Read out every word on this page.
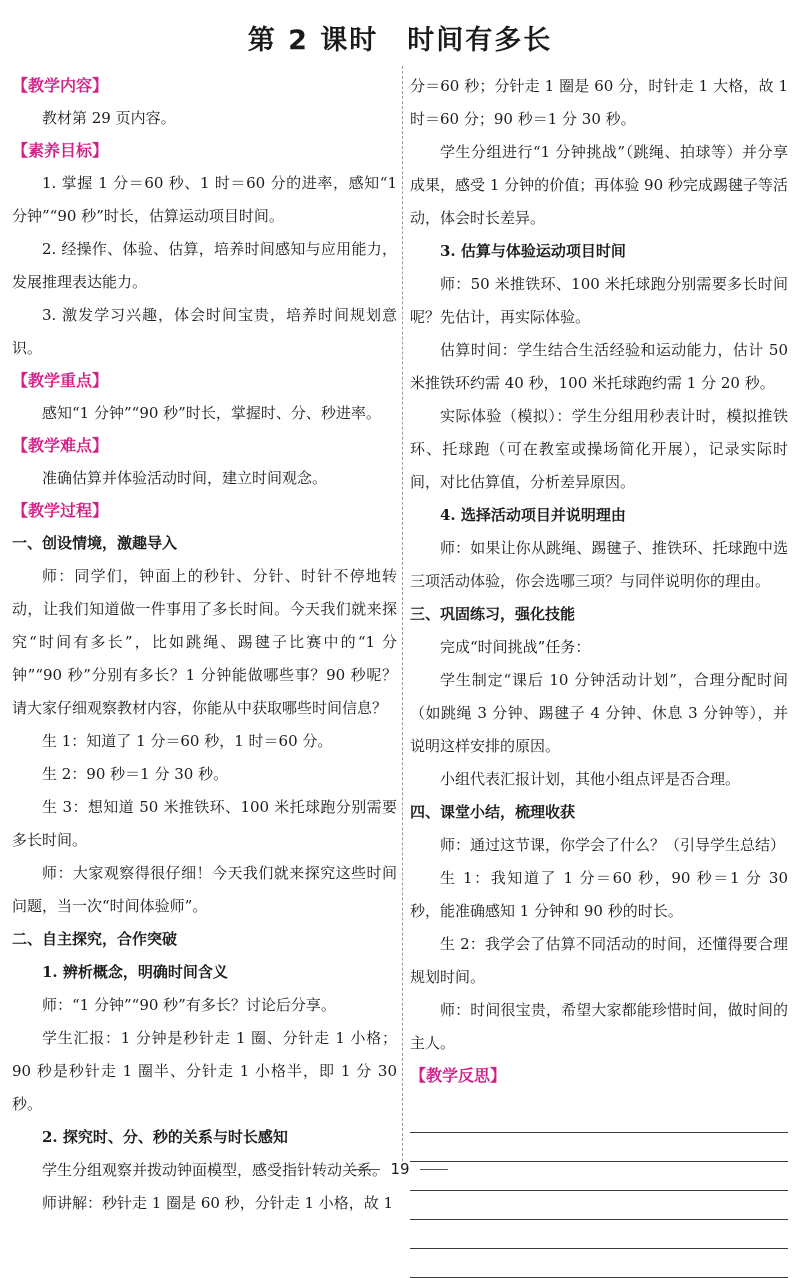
第 2 课时　时间有多长
【教学内容】

教材第 29 页内容。

【素养目标】

1. 掌握 1 分＝60 秒、1 时＝60 分的进率，感知“1 分钟”“90 秒”时长，估算运动项目时间。

2. 经操作、体验、估算，培养时间感知与应用能力，发展推理表达能力。

3. 激发学习兴趣，体会时间宝贵，培养时间规划意识。

【教学重点】

感知“1 分钟”“90 秒”时长，掌握时、分、秒进率。

【教学难点】

准确估算并体验活动时间，建立时间观念。

【教学过程】

一、创设情境，激趣导入

师：同学们，钟面上的秒针、分针、时针不停地转动，让我们知道做一件事用了多长时间。今天我们就来探究“时间有多长”，比如跳绳、踢毽子比赛中的“1 分钟”“90 秒”分别有多长？1 分钟能做哪些事？90 秒呢？请大家仔细观察教材内容，你能从中获取哪些时间信息？

生 1：知道了 1 分＝60 秒，1 时＝60 分。

生 2：90 秒＝1 分 30 秒。

生 3：想知道 50 米推铁环、100 米托球跑分别需要多长时间。

师：大家观察得很仔细！今天我们就来探究这些时间问题，当一次“时间体验师”。

二、自主探究，合作突破

1. 辨析概念，明确时间含义

师：“1 分钟”“90 秒”有多长？讨论后分享。

学生汇报：1 分钟是秒针走 1 圈、分针走 1 小格；90 秒是秒针走 1 圈半、分针走 1 小格半，即 1 分 30 秒。

2. 探究时、分、秒的关系与时长感知

学生分组观察并拨动钟面模型，感受指针转动关系。

师讲解：秒针走 1 圈是 60 秒，分针走 1 小格，故 1

分＝60 秒；分针走 1 圈是 60 分，时针走 1 大格，故 1 时＝60 分；90 秒＝1 分 30 秒。

学生分组进行“1 分钟挑战”（跳绳、拍球等）并分享成果，感受 1 分钟的价值；再体验 90 秒完成踢毽子等活动，体会时长差异。

3. 估算与体验运动项目时间

师：50 米推铁环、100 米托球跑分别需要多长时间呢？先估计，再实际体验。

估算时间：学生结合生活经验和运动能力，估计 50 米推铁环约需 40 秒，100 米托球跑约需 1 分 20 秒。

实际体验（模拟）：学生分组用秒表计时，模拟推铁环、托球跑（可在教室或操场简化开展），记录实际时间，对比估算值，分析差异原因。

4. 选择活动项目并说明理由

师：如果让你从跳绳、踢毽子、推铁环、托球跑中选三项活动体验，你会选哪三项？与同伴说明你的理由。

三、巩固练习，强化技能

完成“时间挑战”任务：

学生制定“课后 10 分钟活动计划”，合理分配时间（如跳绳 3 分钟、踢毽子 4 分钟、休息 3 分钟等），并说明这样安排的原因。

小组代表汇报计划，其他小组点评是否合理。

四、课堂小结，梳理收获

师：通过这节课，你学会了什么？（引导学生总结）

生 1：我知道了 1 分＝60 秒，90 秒＝1 分 30 秒，能准确感知 1 分钟和 90 秒的时长。

生 2：我学会了估算不同活动的时间，还懂得要合理规划时间。

师：时间很宝贵，希望大家都能珍惜时间，做时间的主人。

【教学反思】
19
